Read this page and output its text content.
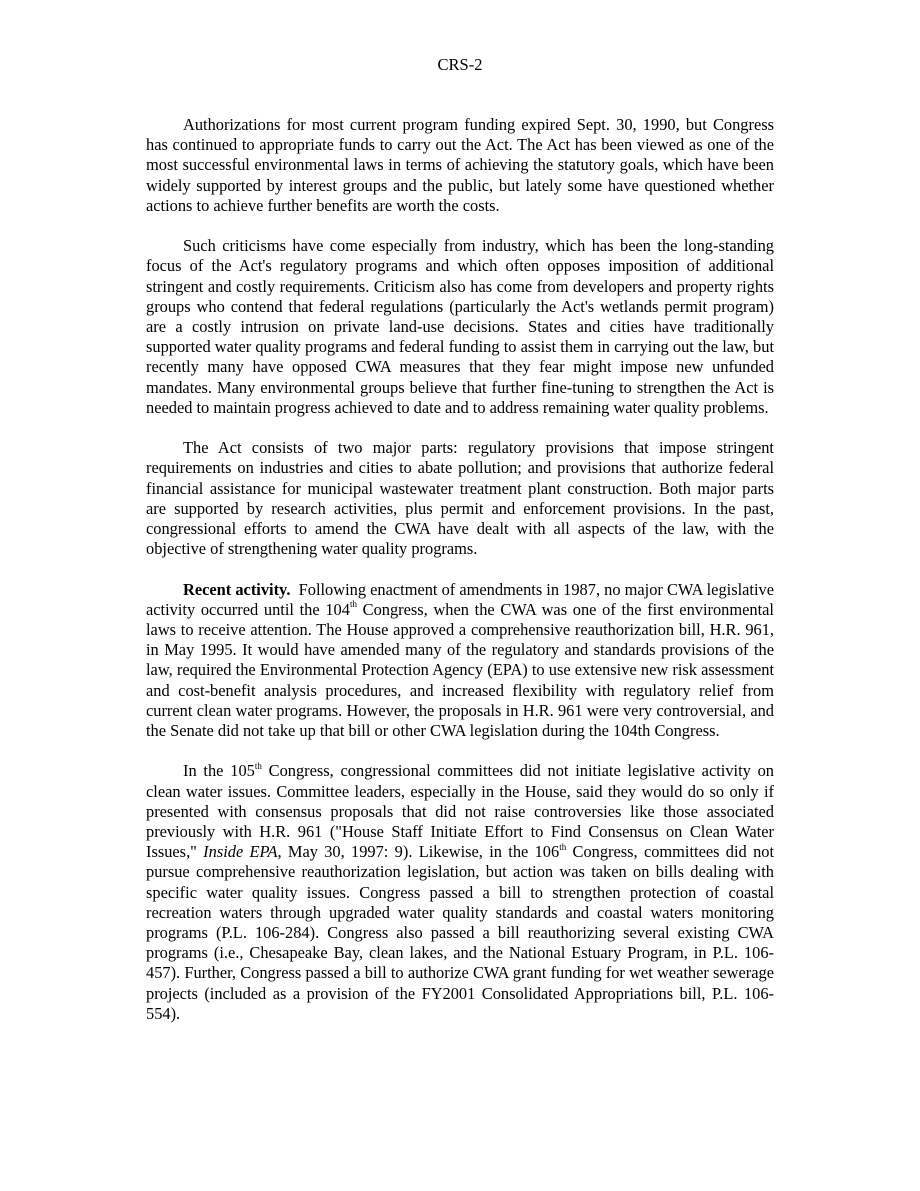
CRS-2

Authorizations for most current program funding expired Sept. 30, 1990, but Congress has continued to appropriate funds to carry out the Act. The Act has been viewed as one of the most successful environmental laws in terms of achieving the statutory goals, which have been widely supported by interest groups and the public, but lately some have questioned whether actions to achieve further benefits are worth the costs.

Such criticisms have come especially from industry, which has been the long-standing focus of the Act's regulatory programs and which often opposes imposition of additional stringent and costly requirements. Criticism also has come from developers and property rights groups who contend that federal regulations (particularly the Act's wetlands permit program) are a costly intrusion on private land-use decisions. States and cities have traditionally supported water quality programs and federal funding to assist them in carrying out the law, but recently many have opposed CWA measures that they fear might impose new unfunded mandates. Many environmental groups believe that further fine-tuning to strengthen the Act is needed to maintain progress achieved to date and to address remaining water quality problems.

The Act consists of two major parts: regulatory provisions that impose stringent requirements on industries and cities to abate pollution; and provisions that authorize federal financial assistance for municipal wastewater treatment plant construction. Both major parts are supported by research activities, plus permit and enforcement provisions. In the past, congressional efforts to amend the CWA have dealt with all aspects of the law, with the objective of strengthening water quality programs.

Recent activity. Following enactment of amendments in 1987, no major CWA legislative activity occurred until the 104th Congress, when the CWA was one of the first environmental laws to receive attention. The House approved a comprehensive reauthorization bill, H.R. 961, in May 1995. It would have amended many of the regulatory and standards provisions of the law, required the Environmental Protection Agency (EPA) to use extensive new risk assessment and cost-benefit analysis procedures, and increased flexibility with regulatory relief from current clean water programs. However, the proposals in H.R. 961 were very controversial, and the Senate did not take up that bill or other CWA legislation during the 104th Congress.

In the 105th Congress, congressional committees did not initiate legislative activity on clean water issues. Committee leaders, especially in the House, said they would do so only if presented with consensus proposals that did not raise controversies like those associated previously with H.R. 961 ("House Staff Initiate Effort to Find Consensus on Clean Water Issues," Inside EPA, May 30, 1997: 9). Likewise, in the 106th Congress, committees did not pursue comprehensive reauthorization legislation, but action was taken on bills dealing with specific water quality issues. Congress passed a bill to strengthen protection of coastal recreation waters through upgraded water quality standards and coastal waters monitoring programs (P.L. 106-284). Congress also passed a bill reauthorizing several existing CWA programs (i.e., Chesapeake Bay, clean lakes, and the National Estuary Program, in P.L. 106-457). Further, Congress passed a bill to authorize CWA grant funding for wet weather sewerage projects (included as a provision of the FY2001 Consolidated Appropriations bill, P.L. 106-554).
